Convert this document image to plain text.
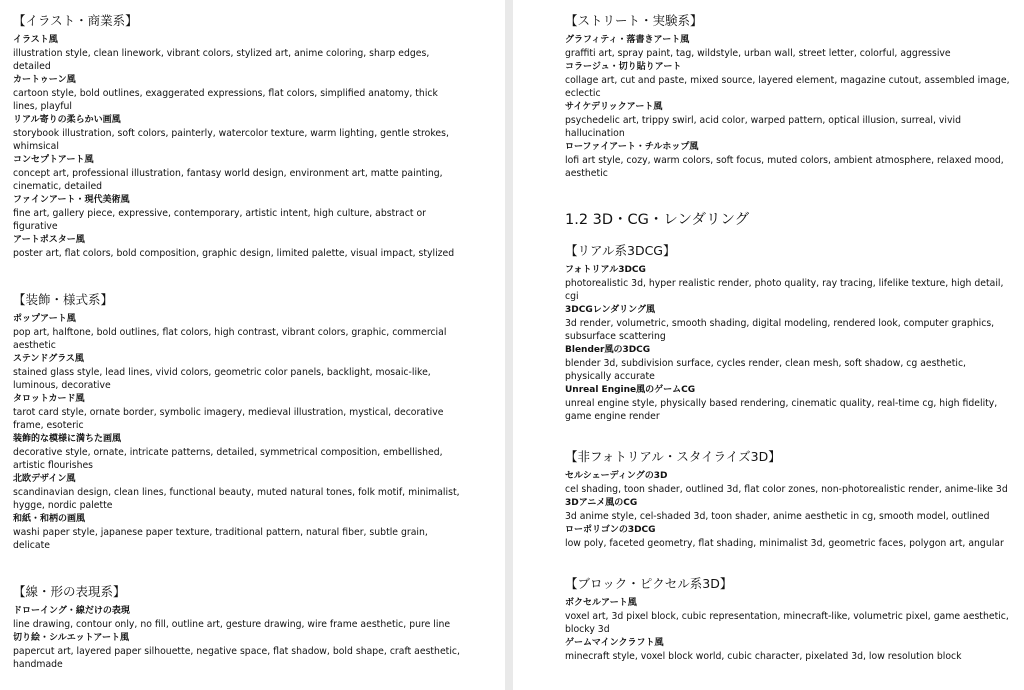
【イラスト・商業系】
イラスト風
illustration style, clean linework, vibrant colors, stylized art, anime coloring, sharp edges, detailed
カートゥーン風
cartoon style, bold outlines, exaggerated expressions, flat colors, simplified anatomy, thick lines, playful
リアル寄りの柔らかい画風
storybook illustration, soft colors, painterly, watercolor texture, warm lighting, gentle strokes, whimsical
コンセプトアート風
concept art, professional illustration, fantasy world design, environment art, matte painting, cinematic, detailed
ファインアート・現代美術風
fine art, gallery piece, expressive, contemporary, artistic intent, high culture, abstract or figurative
アートポスター風
poster art, flat colors, bold composition, graphic design, limited palette, visual impact, stylized
【装飾・様式系】
ポップアート風
pop art, halftone, bold outlines, flat colors, high contrast, vibrant colors, graphic, commercial aesthetic
ステンドグラス風
stained glass style, lead lines, vivid colors, geometric color panels, backlight, mosaic-like, luminous, decorative
タロットカード風
tarot card style, ornate border, symbolic imagery, medieval illustration, mystical, decorative frame, esoteric
装飾的な模様に満ちた画風
decorative style, ornate, intricate patterns, detailed, symmetrical composition, embellished, artistic flourishes
北欧デザイン風
scandinavian design, clean lines, functional beauty, muted natural tones, folk motif, minimalist, hygge, nordic palette
和紙・和柄の画風
washi paper style, japanese paper texture, traditional pattern, natural fiber, subtle grain, delicate
【線・形の表現系】
ドローイング・線だけの表現
line drawing, contour only, no fill, outline art, gesture drawing, wire frame aesthetic, pure line
切り絵・シルエットアート風
papercut art, layered paper silhouette, negative space, flat shadow, bold shape, craft aesthetic, handmade
【ストリート・実験系】
グラフィティ・落書きアート風
graffiti art, spray paint, tag, wildstyle, urban wall, street letter, colorful, aggressive
コラージュ・切り貼りアート
collage art, cut and paste, mixed source, layered element, magazine cutout, assembled image, eclectic
サイケデリックアート風
psychedelic art, trippy swirl, acid color, warped pattern, optical illusion, surreal, vivid hallucination
ローファイアート・チルホップ風
lofi art style, cozy, warm colors, soft focus, muted colors, ambient atmosphere, relaxed mood, aesthetic
1.2 3D・CG・レンダリング
【リアル系3DCG】
フォトリアル3DCG
photorealistic 3d, hyper realistic render, photo quality, ray tracing, lifelike texture, high detail, cgi
3DCGレンダリング風
3d render, volumetric, smooth shading, digital modeling, rendered look, computer graphics, subsurface scattering
Blender風の3DCG
blender 3d, subdivision surface, cycles render, clean mesh, soft shadow, cg aesthetic, physically accurate
Unreal Engine風のゲームCG
unreal engine style, physically based rendering, cinematic quality, real-time cg, high fidelity, game engine render
【非フォトリアル・スタイライズ3D】
セルシェーディングの3D
cel shading, toon shader, outlined 3d, flat color zones, non-photorealistic render, anime-like 3d
3Dアニメ風のCG
3d anime style, cel-shaded 3d, toon shader, anime aesthetic in cg, smooth model, outlined
ローポリゴンの3DCG
low poly, faceted geometry, flat shading, minimalist 3d, geometric faces, polygon art, angular
【ブロック・ピクセル系3D】
ボクセルアート風
voxel art, 3d pixel block, cubic representation, minecraft-like, volumetric pixel, game aesthetic, blocky 3d
ゲームマインクラフト風
minecraft style, voxel block world, cubic character, pixelated 3d, low resolution block
